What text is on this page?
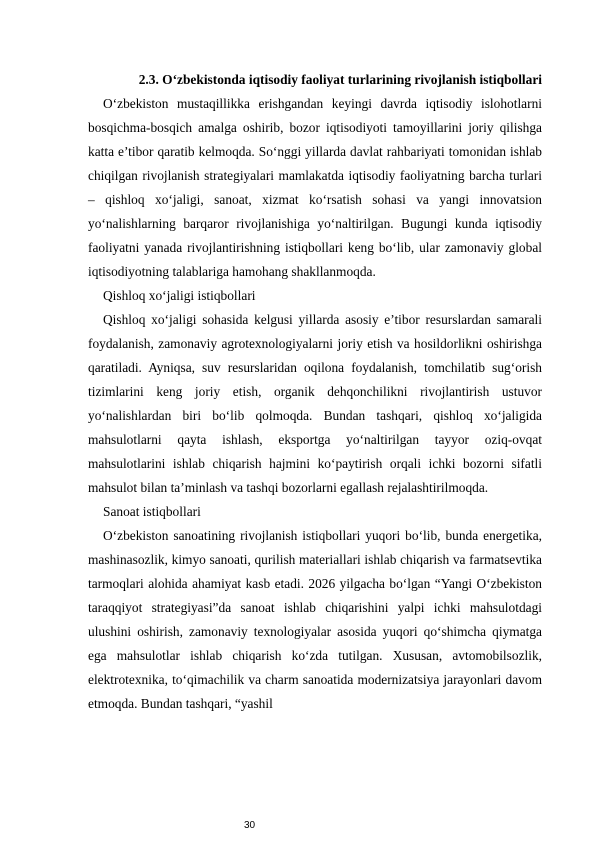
2.3. O‘zbekistonda iqtisodiy faoliyat turlarining rivojlanish istiqbollari

O‘zbekiston mustaqillikka erishgandan keyingi davrda iqtisodiy islohotlarni bosqichma-bosqich amalga oshirib, bozor iqtisodiyoti tamoyillarini joriy qilishga katta e’tibor qaratib kelmoqda. So‘nggi yillarda davlat rahbariyati tomonidan ishlab chiqilgan rivojlanish strategiyalari mamlakatda iqtisodiy faoliyatning barcha turlari – qishloq xo‘jaligi, sanoat, xizmat ko‘rsatish sohasi va yangi innovatsion yo‘nalishlarning barqaror rivojlanishiga yo‘naltirilgan. Bugungi kunda iqtisodiy faoliyatni yanada rivojlantirishning istiqbollari keng bo‘lib, ular zamonaviy global iqtisodiyotning talablariga hamohang shakllanmoqda.

Qishloq xo‘jaligi istiqbollari

Qishloq xo‘jaligi sohasida kelgusi yillarda asosiy e’tibor resurslardan samarali foydalanish, zamonaviy agrotexnologiyalarni joriy etish va hosildorlikni oshirishga qaratiladi. Ayniqsa, suv resurslaridan oqilona foydalanish, tomchilatib sug‘orish tizimlarini keng joriy etish, organik dehqonchilikni rivojlantirish ustuvor yo‘nalishlardan biri bo‘lib qolmoqda. Bundan tashqari, qishloq xo‘jaligida mahsulotlarni qayta ishlash, eksportga yo‘naltirilgan tayyor oziq-ovqat mahsulotlarini ishlab chiqarish hajmini ko‘paytirish orqali ichki bozorni sifatli mahsulot bilan ta’minlash va tashqi bozorlarni egallash rejalashtirilmoqda.

Sanoat istiqbollari

O‘zbekiston sanoatining rivojlanish istiqbollari yuqori bo‘lib, bunda energetika, mashinasozlik, kimyo sanoati, qurilish materiallari ishlab chiqarish va farmatsevtika tarmoqlari alohida ahamiyat kasb etadi. 2026 yilgacha bo‘lgan “Yangi O‘zbekiston taraqqiyot strategiyasi”da sanoat ishlab chiqarishini yalpi ichki mahsulotdagi ulushini oshirish, zamonaviy texnologiyalar asosida yuqori qo‘shimcha qiymatga ega mahsulotlar ishlab chiqarish ko‘zda tutilgan. Xususan, avtomobilsozlik, elektrotexnika, to‘qimachilik va charm sanoatida modernizatsiya jarayonlari davom etmoqda. Bundan tashqari, “yashil

30
